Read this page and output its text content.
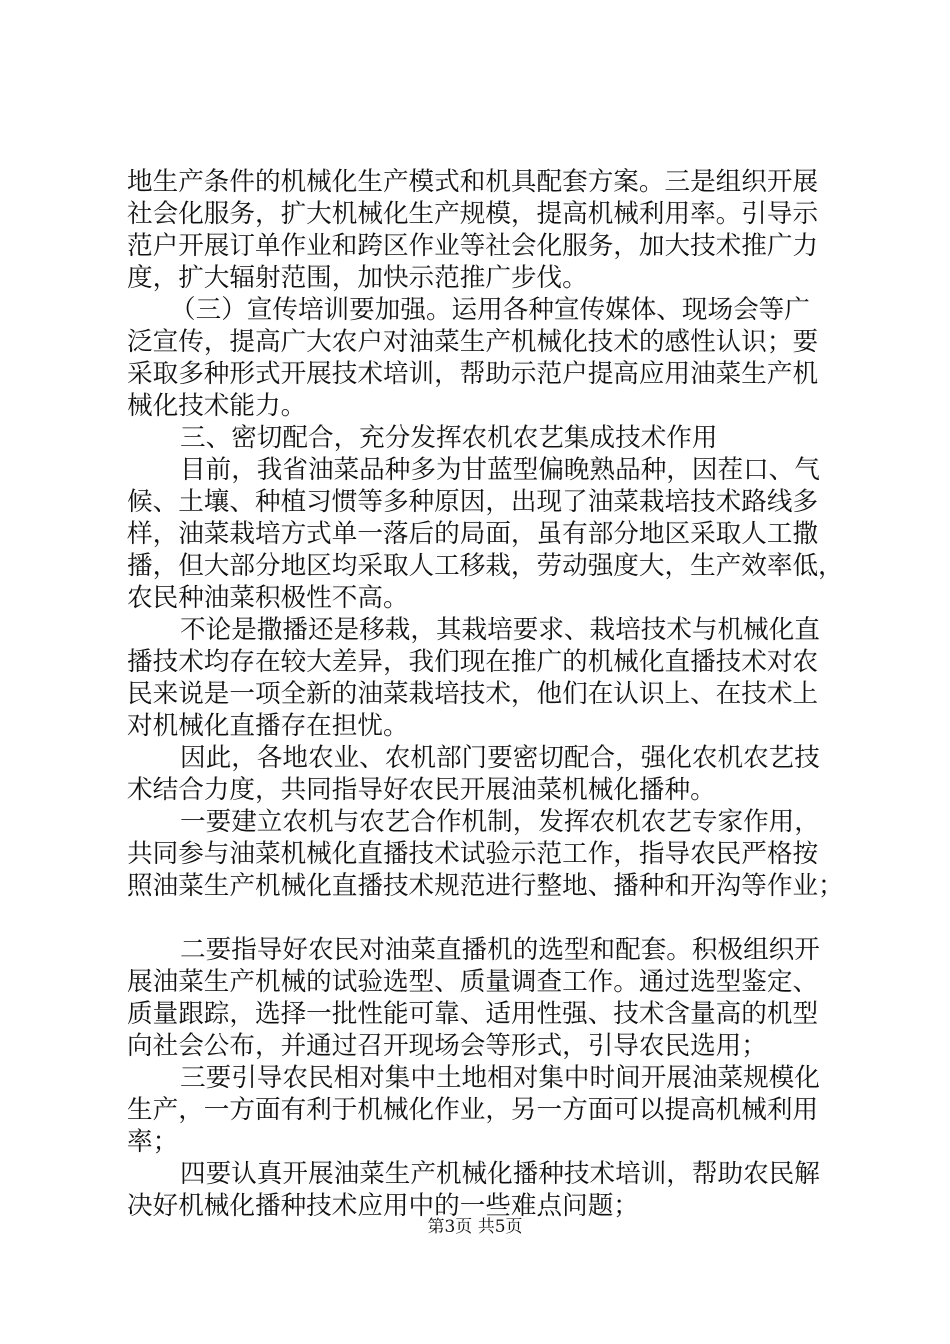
地生产条件的机械化生产模式和机具配套方案。三是组织开展
社会化服务，扩大机械化生产规模，提高机械利用率。引导示
范户开展订单作业和跨区作业等社会化服务，加大技术推广力
度，扩大辐射范围，加快示范推广步伐。
（三）宣传培训要加强。运用各种宣传媒体、现场会等广
泛宣传，提高广大农户对油菜生产机械化技术的感性认识；要
采取多种形式开展技术培训，帮助示范户提高应用油菜生产机
械化技术能力。
三、密切配合，充分发挥农机农艺集成技术作用
目前，我省油菜品种多为甘蓝型偏晚熟品种，因茬口、气
候、土壤、种植习惯等多种原因，出现了油菜栽培技术路线多
样，油菜栽培方式单一落后的局面，虽有部分地区采取人工撒
播，但大部分地区均采取人工移栽，劳动强度大，生产效率低，
农民种油菜积极性不高。
不论是撒播还是移栽，其栽培要求、栽培技术与机械化直
播技术均存在较大差异，我们现在推广的机械化直播技术对农
民来说是一项全新的油菜栽培技术，他们在认识上、在技术上
对机械化直播存在担忧。
因此，各地农业、农机部门要密切配合，强化农机农艺技
术结合力度，共同指导好农民开展油菜机械化播种。
一要建立农机与农艺合作机制，发挥农机农艺专家作用，
共同参与油菜机械化直播技术试验示范工作，指导农民严格按
照油菜生产机械化直播技术规范进行整地、播种和开沟等作业；
二要指导好农民对油菜直播机的选型和配套。积极组织开
展油菜生产机械的试验选型、质量调查工作。通过选型鉴定、
质量跟踪，选择一批性能可靠、适用性强、技术含量高的机型
向社会公布，并通过召开现场会等形式，引导农民选用；
三要引导农民相对集中土地相对集中时间开展油菜规模化
生产，一方面有利于机械化作业，另一方面可以提高机械利用
率；
四要认真开展油菜生产机械化播种技术培训，帮助农民解
决好机械化播种技术应用中的一些难点问题；
第3页 共5页
